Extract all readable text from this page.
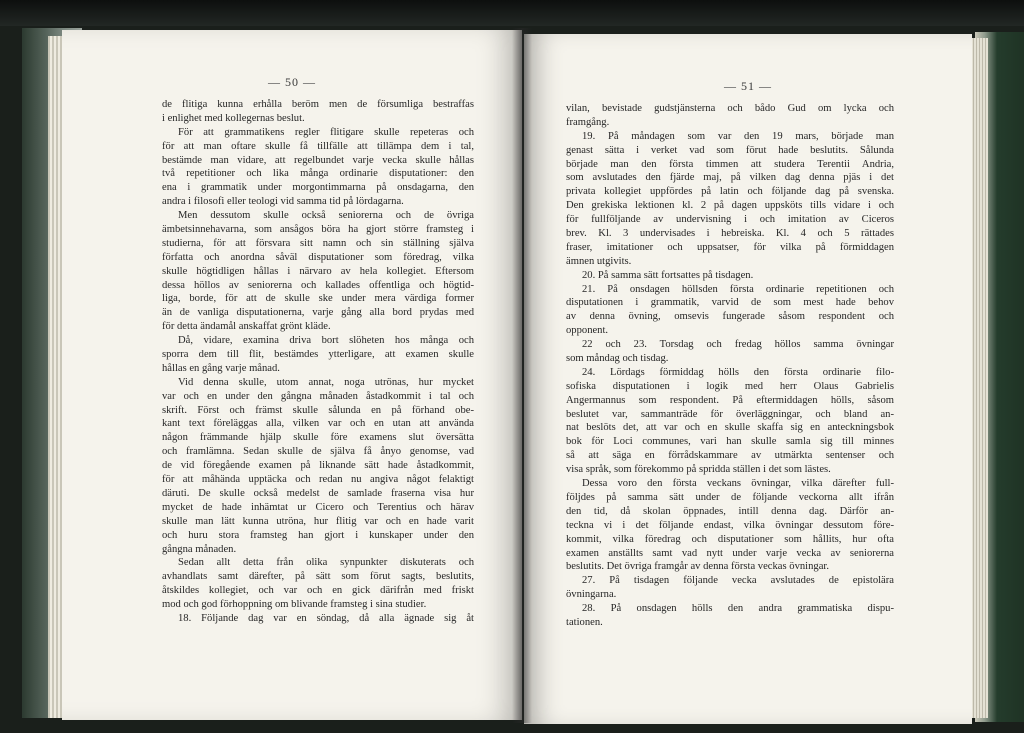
— 50 —
de flitiga kunna erhålla beröm men de försumliga bestraffas
i enlighet med kollegernas beslut.
För att grammatikens regler flitigare skulle repeteras och
för att man oftare skulle få tillfälle att tillämpa dem i tal,
bestämde man vidare, att regelbundet varje vecka skulle hållas
två repetitioner och lika många ordinarie disputationer: den
ena i grammatik under morgontimmarna på onsdagarna, den
andra i filosofi eller teologi vid samma tid på lördagarna.
Men dessutom skulle också seniorerna och de övriga
ämbetsinnehavarna, som ansågos böra ha gjort större framsteg i
studierna, för att försvara sitt namn och sin ställning själva
författa och anordna såväl disputationer som föredrag, vilka
skulle högtidligen hållas i närvaro av hela kollegiet. Eftersom
dessa höllos av seniorerna och kallades offentliga och högtid-
liga, borde, för att de skulle ske under mera värdiga former
än de vanliga disputationerna, varje gång alla bord prydas med
för detta ändamål anskaffat grönt kläde.
Då, vidare, examina driva bort slöheten hos många och
sporra dem till flit, bestämdes ytterligare, att examen skulle
hållas en gång varje månad.
Vid denna skulle, utom annat, noga utrönas, hur mycket
var och en under den gångna månaden åstadkommit i tal och
skrift. Först och främst skulle sålunda en på förhand obe-
kant text föreläggas alla, vilken var och en utan att använda
någon främmande hjälp skulle före examens slut översätta
och framlämna. Sedan skulle de själva få ånyo genomse, vad
de vid föregående examen på liknande sätt hade åstadkommit,
för att måhända upptäcka och redan nu angiva något felaktigt
däruti. De skulle också medelst de samlade fraserna visa hur
mycket de hade inhämtat ur Cicero och Terentius och härav
skulle man lätt kunna utröna, hur flitig var och en hade varit
och huru stora framsteg han gjort i kunskaper under den
gångna månaden.
Sedan allt detta från olika synpunkter diskuterats och
avhandlats samt därefter, på sätt som förut sagts, beslutits,
åtskildes kollegiet, och var och en gick därifrån med friskt
mod och god förhoppning om blivande framsteg i sina studier.
18. Följande dag var en söndag, då alla ägnade sig åt
— 51 —
vilan, bevistade gudstjänsterna och bådo Gud om lycka och
framgång.
19. På måndagen som var den 19 mars, började man
genast sätta i verket vad som förut hade beslutits. Sålunda
började man den första timmen att studera Terentii Andria,
som avslutades den fjärde maj, på vilken dag denna pjäs i det
privata kollegiet uppfördes på latin och följande dag på svenska.
Den grekiska lektionen kl. 2 på dagen uppsköts tills vidare i och
för fullföljande av undervisning i och imitation av Ciceros
brev. Kl. 3 undervisades i hebreiska. Kl. 4 och 5 rättades
fraser, imitationer och uppsatser, för vilka på förmiddagen
ämnen utgivits.
20. På samma sätt fortsattes på tisdagen.
21. På onsdagen höllsden första ordinarie repetitionen och
disputationen i grammatik, varvid de som mest hade behov
av denna övning, omsevis fungerade såsom respondent och
opponent.
22 och 23. Torsdag och fredag höllos samma övningar
som måndag och tisdag.
24. Lördags förmiddag hölls den första ordinarie filo-
sofiska disputationen i logik med herr Olaus Gabrielis
Angermannus som respondent. På eftermiddagen hölls, såsom
beslutet var, sammanträde för överläggningar, och bland an-
nat beslöts det, att var och en skulle skaffa sig en anteckningsbok
bok för Loci communes, vari han skulle samla sig till minnes
så att säga en förrådskammare av utmärkta sentenser och
visa språk, som förekommo på spridda ställen i det som lästes.
Dessa voro den första veckans övningar, vilka därefter full-
följdes på samma sätt under de följande veckorna allt ifrån
den tid, då skolan öppnades, intill denna dag. Därför an-
teckna vi i det följande endast, vilka övningar dessutom före-
kommit, vilka föredrag och disputationer som hållits, hur ofta
examen anställts samt vad nytt under varje vecka av seniorerna
beslutits. Det övriga framgår av denna första veckas övningar.
27. På tisdagen följande vecka avslutades de epistolära
övningarna.
28. På onsdagen hölls den andra grammatiska dispu-
tationen.
